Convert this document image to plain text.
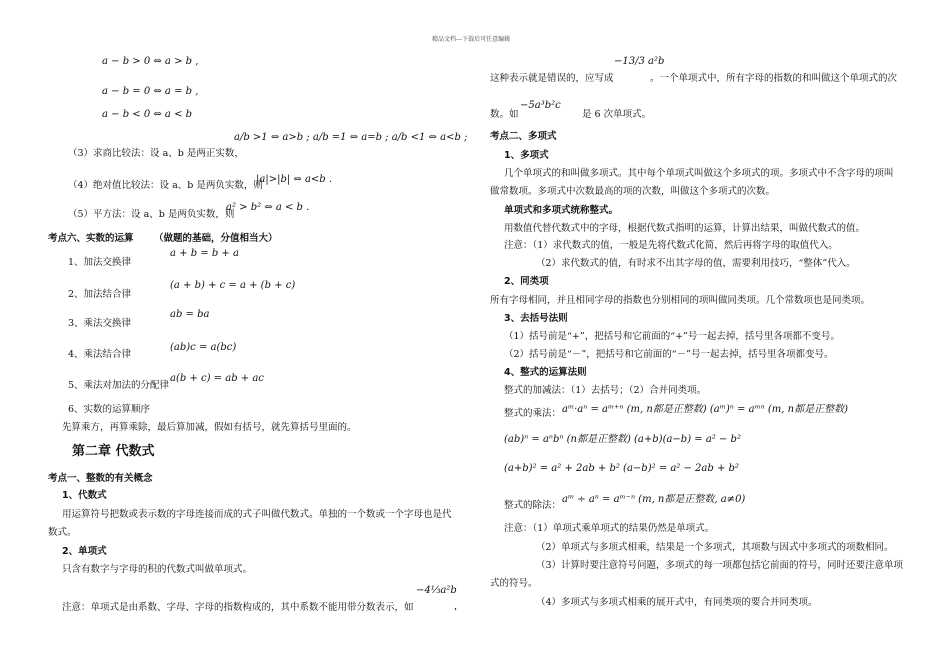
精品文档---下载后可任意编辑
a − b > 0 ⇔ a > b ,
a − b = 0 ⇔ a = b ,
a − b < 0 ⇔ a < b
a/b >1 ⇔ a>b ; a/b =1 ⇔ a=b ; a/b <1 ⇔ a<b ;
（3）求商比较法：设 a、b 是两正实数，
（4）绝对值比较法：设 a、b 是两负实数，则
|a|>|b| ⇔ a<b .
（5）平方法：设 a、b 是两负实数，则
a² > b² ⇔ a < b .
考点六、实数的运算 （做题的基础，分值相当大）
1、加法交换律
a + b = b + a
2、加法结合律
(a + b) + c = a + (b + c)
3、乘法交换律
ab = ba
4、乘法结合律
(ab)c = a(bc)
5、乘法对加法的分配律
a(b + c) = ab + ac
6、实数的运算顺序
先算乘方，再算乘除，最后算加减，假如有括号，就先算括号里面的。
第二章 代数式
考点一、整数的有关概念
1、代数式
用运算符号把数或表示数的字母连接而成的式子叫做代数式。单独的一个数或一个字母也是代
数式。
2、单项式
只含有数字与字母的积的代数式叫做单项式。
−4⅓a²b
注意：单项式是由系数、字母、字母的指数构成的，其中系数不能用带分数表示，如	，
−13/3 a²b
这种表示就是错误的，应写成	。一个单项式中，所有字母的指数的和叫做这个单项式的次
数。如
−5a³b²c
是 6 次单项式。
考点二、多项式
1、多项式
几个单项式的和叫做多项式。其中每个单项式叫做这个多项式的项。多项式中不含字母的项叫
做常数项。多项式中次数最高的项的次数，叫做这个多项式的次数。
单项式和多项式统称整式。
用数值代替代数式中的字母，根据代数式指明的运算，计算出结果，叫做代数式的值。
注意：（1）求代数式的值，一般是先将代数式化简，然后再将字母的取值代入。
（2）求代数式的值，有时求不出其字母的值，需要利用技巧，“整体”代入。
2、同类项
所有字母相同，并且相同字母的指数也分别相同的项叫做同类项。几个常数项也是同类项。
3、去括号法则
（1）括号前是“+”，把括号和它前面的“+”号一起去掉，括号里各项都不变号。
（2）括号前是“－”，把括号和它前面的“－”号一起去掉，括号里各项都变号。
4、整式的运算法则
整式的加减法：（1）去括号；（2）合并同类项。
整式的乘法： aᵐ·aⁿ = aᵐ⁺ⁿ (m, n都是正整数) (aᵐ)ⁿ = aᵐⁿ (m, n都是正整数)
(ab)ⁿ = aⁿbⁿ (n都是正整数) (a+b)(a−b) = a² − b²
(a+b)² = a² + 2ab + b² (a−b)² = a² − 2ab + b²
整式的除法：
aᵐ ÷ aⁿ = aᵐ⁻ⁿ (m, n都是正整数, a≠0)
注意：（1）单项式乘单项式的结果仍然是单项式。
（2）单项式与多项式相乘，结果是一个多项式，其项数与因式中多项式的项数相同。
（3）计算时要注意符号问题，多项式的每一项都包括它前面的符号，同时还要注意单项
式的符号。
（4）多项式与多项式相乘的展开式中，有同类项的要合并同类项。
